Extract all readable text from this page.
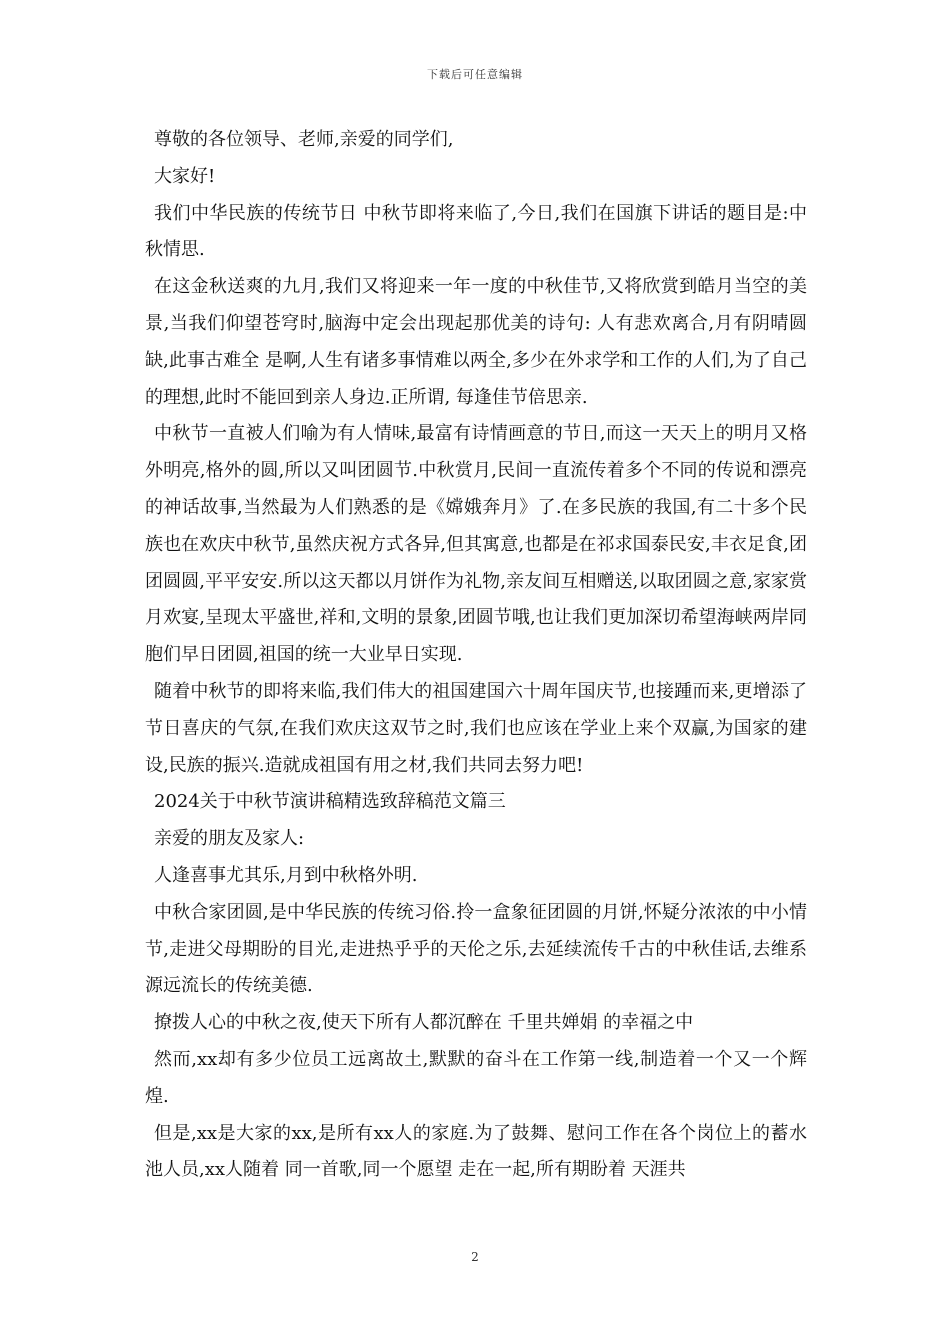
下载后可任意编辑

尊敬的各位领导、老师,亲爱的同学们,

大家好!

我们中华民族的传统节日 中秋节即将来临了,今日,我们在国旗下讲话的题目是:中秋情思.

在这金秋送爽的九月,我们又将迎来一年一度的中秋佳节,又将欣赏到皓月当空的美景,当我们仰望苍穹时,脑海中定会出现起那优美的诗句: 人有悲欢离合,月有阴晴圆缺,此事古难全 是啊,人生有诸多事情难以两全,多少在外求学和工作的人们,为了自己的理想,此时不能回到亲人身边.正所谓, 每逢佳节倍思亲.

中秋节一直被人们喻为有人情味,最富有诗情画意的节日,而这一天天上的明月又格外明亮,格外的圆,所以又叫团圆节.中秋赏月,民间一直流传着多个不同的传说和漂亮的神话故事,当然最为人们熟悉的是《嫦娥奔月》了.在多民族的我国,有二十多个民族也在欢庆中秋节,虽然庆祝方式各异,但其寓意,也都是在祁求国泰民安,丰衣足食,团团圆圆,平平安安.所以这天都以月饼作为礼物,亲友间互相赠送,以取团圆之意,家家赏月欢宴,呈现太平盛世,祥和,文明的景象,团圆节哦,也让我们更加深切希望海峡两岸同胞们早日团圆,祖国的统一大业早日实现.

随着中秋节的即将来临,我们伟大的祖国建国六十周年国庆节,也接踵而来,更增添了节日喜庆的气氛,在我们欢庆这双节之时,我们也应该在学业上来个双赢,为国家的建设,民族的振兴.造就成祖国有用之材,我们共同去努力吧!

2024关于中秋节演讲稿精选致辞稿范文篇三

亲爱的朋友及家人:

人逢喜事尤其乐,月到中秋格外明.

中秋合家团圆,是中华民族的传统习俗.拎一盒象征团圆的月饼,怀疑分浓浓的中小情节,走进父母期盼的目光,走进热乎乎的天伦之乐,去延续流传千古的中秋佳话,去维系源远流长的传统美德.

撩拨人心的中秋之夜,使天下所有人都沉醉在 千里共婵娟 的幸福之中

然而,xx却有多少位员工远离故土,默默的奋斗在工作第一线,制造着一个又一个辉煌.

但是,xx是大家的xx,是所有xx人的家庭.为了鼓舞、慰问工作在各个岗位上的蓄水池人员,xx人随着 同一首歌,同一个愿望 走在一起,所有期盼着 天涯共

2
